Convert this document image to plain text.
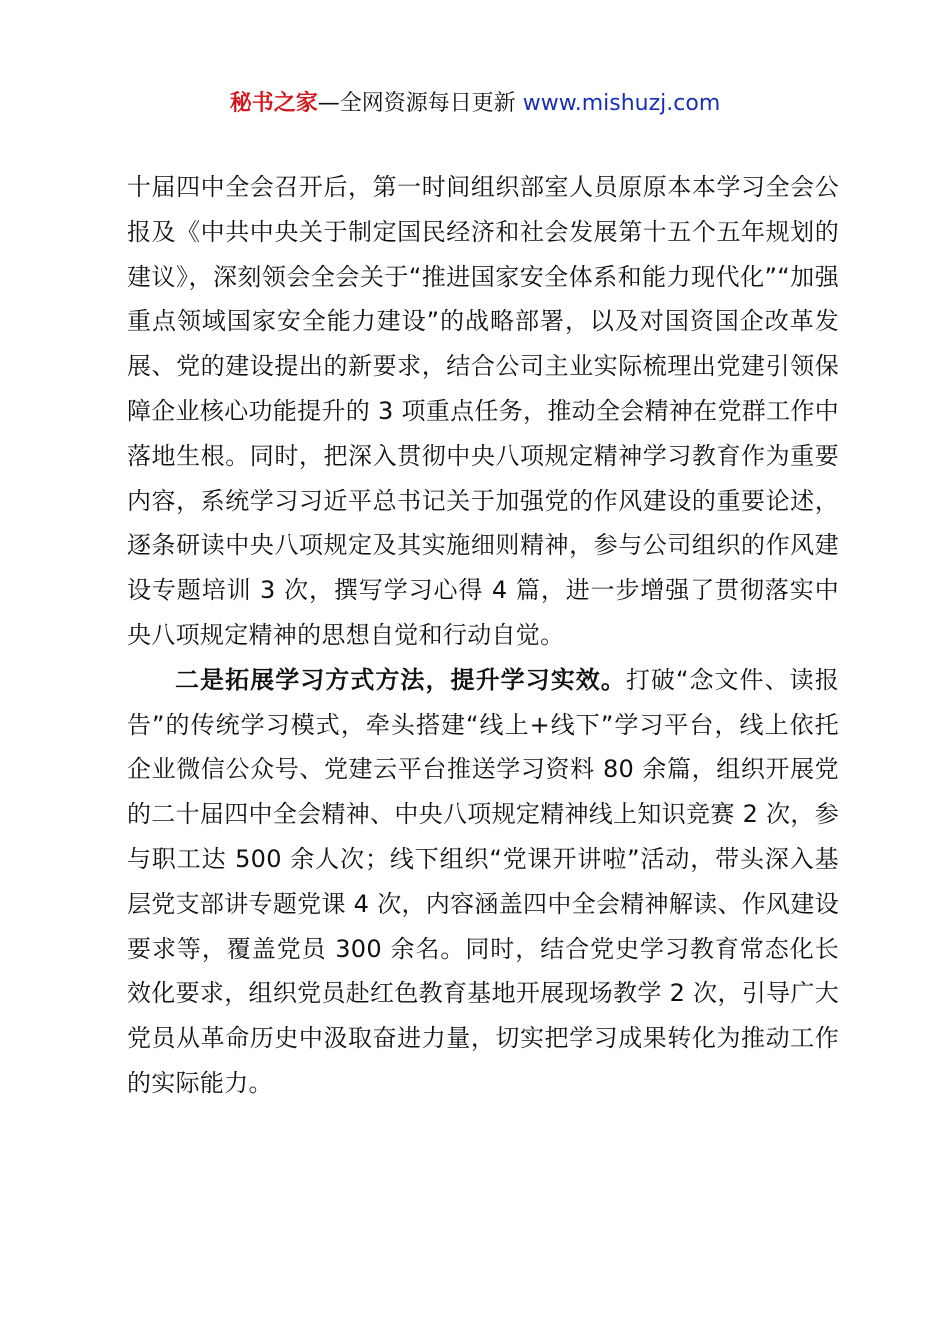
秘书之家—全网资源每日更新 www.mishuzj.com

十届四中全会召开后，第一时间组织部室人员原原本本学习全会公报及《中共中央关于制定国民经济和社会发展第十五个五年规划的建议》，深刻领会全会关于“推进国家安全体系和能力现代化”“加强重点领域国家安全能力建设”的战略部署，以及对国资国企改革发展、党的建设提出的新要求，结合公司主业实际梳理出党建引领保障企业核心功能提升的 3 项重点任务，推动全会精神在党群工作中落地生根。同时，把深入贯彻中央八项规定精神学习教育作为重要内容，系统学习习近平总书记关于加强党的作风建设的重要论述，逐条研读中央八项规定及其实施细则精神，参与公司组织的作风建设专题培训 3 次，撰写学习心得 4 篇，进一步增强了贯彻落实中央八项规定精神的思想自觉和行动自觉。

二是拓展学习方式方法，提升学习实效。打破“念文件、读报告”的传统学习模式，牵头搭建“线上+线下”学习平台，线上依托企业微信公众号、党建云平台推送学习资料 80 余篇，组织开展党的二十届四中全会精神、中央八项规定精神线上知识竞赛 2 次，参与职工达 500 余人次；线下组织“党课开讲啦”活动，带头深入基层党支部讲专题党课 4 次，内容涵盖四中全会精神解读、作风建设要求等，覆盖党员 300 余名。同时，结合党史学习教育常态化长效化要求，组织党员赴红色教育基地开展现场教学 2 次，引导广大党员从革命历史中汲取奋进力量，切实把学习成果转化为推动工作的实际能力。
